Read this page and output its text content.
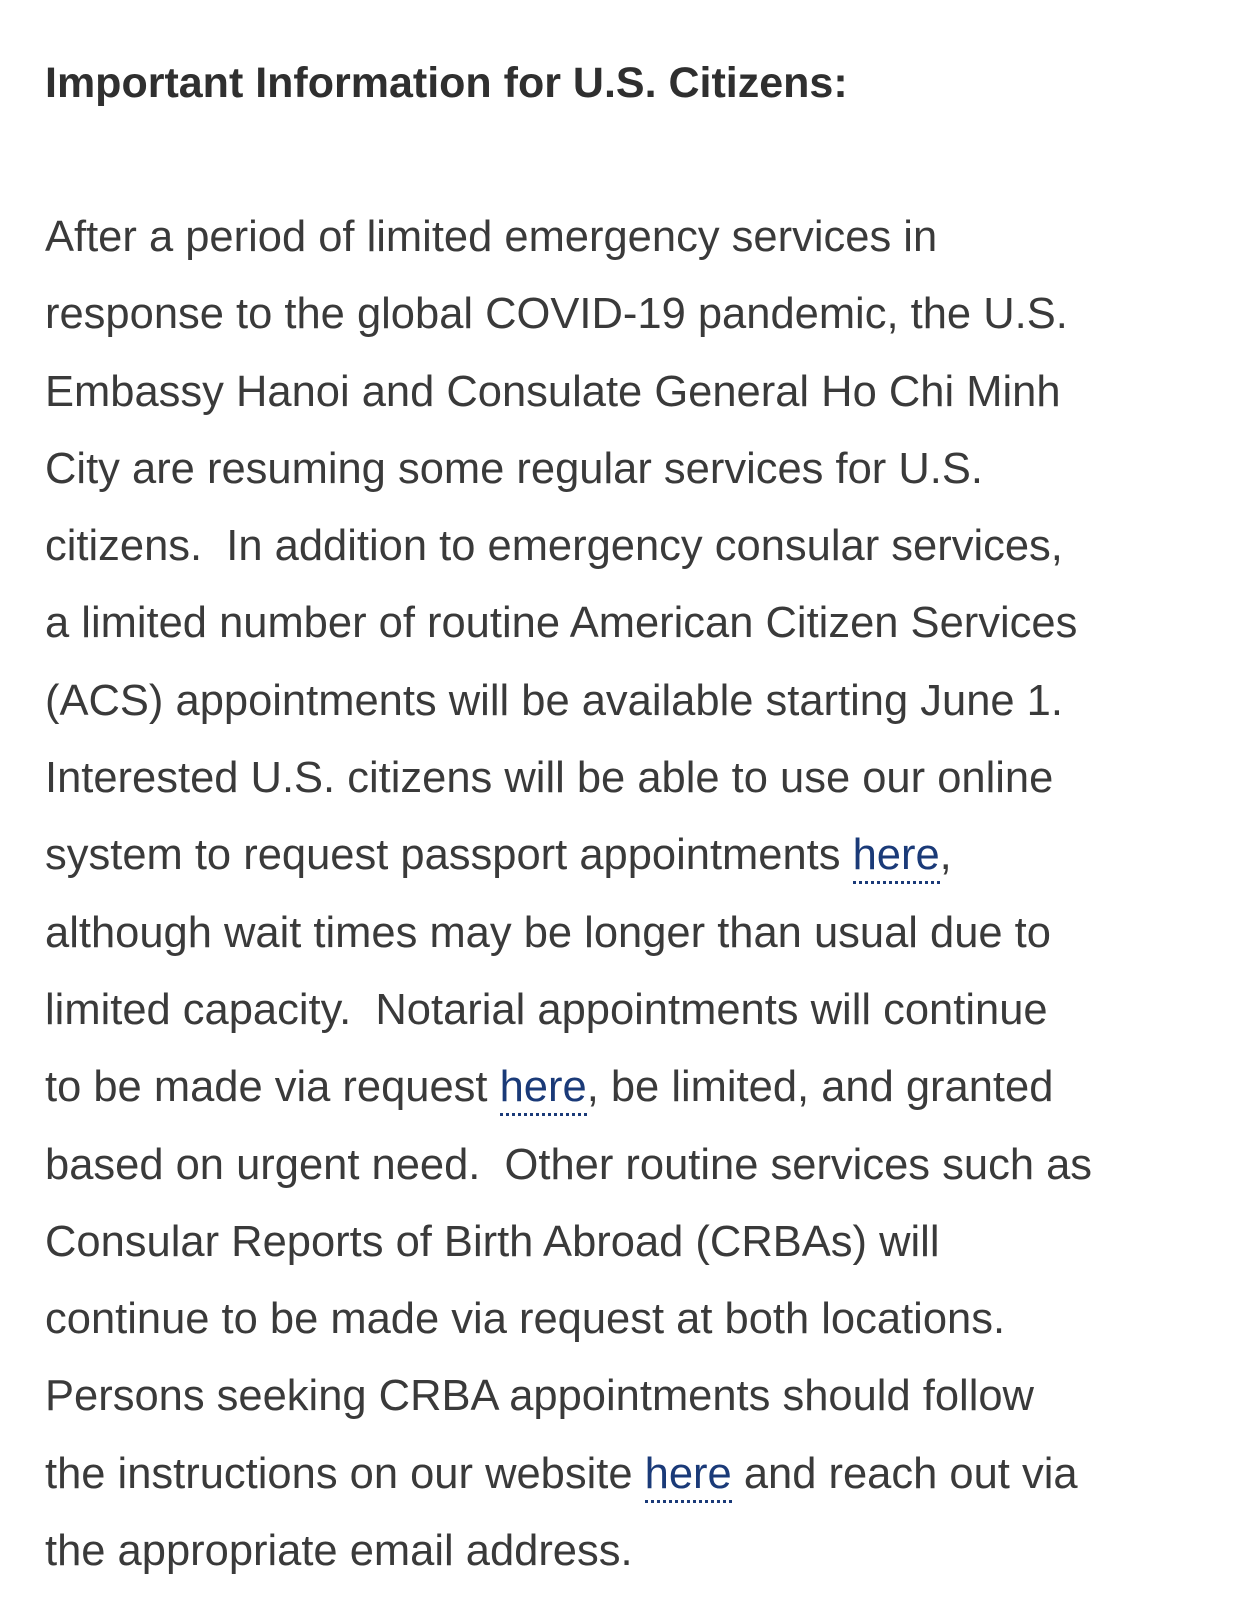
Important Information for U.S. Citizens:
After a period of limited emergency services in
response to the global COVID-19 pandemic, the U.S.
Embassy Hanoi and Consulate General Ho Chi Minh
City are resuming some regular services for U.S.
citizens.  In addition to emergency consular services,
a limited number of routine American Citizen Services
(ACS) appointments will be available starting June 1.
Interested U.S. citizens will be able to use our online
system to request passport appointments here,
although wait times may be longer than usual due to
limited capacity.  Notarial appointments will continue
to be made via request here, be limited, and granted
based on urgent need.  Other routine services such as
Consular Reports of Birth Abroad (CRBAs) will
continue to be made via request at both locations.
Persons seeking CRBA appointments should follow
the instructions on our website here and reach out via
the appropriate email address.
